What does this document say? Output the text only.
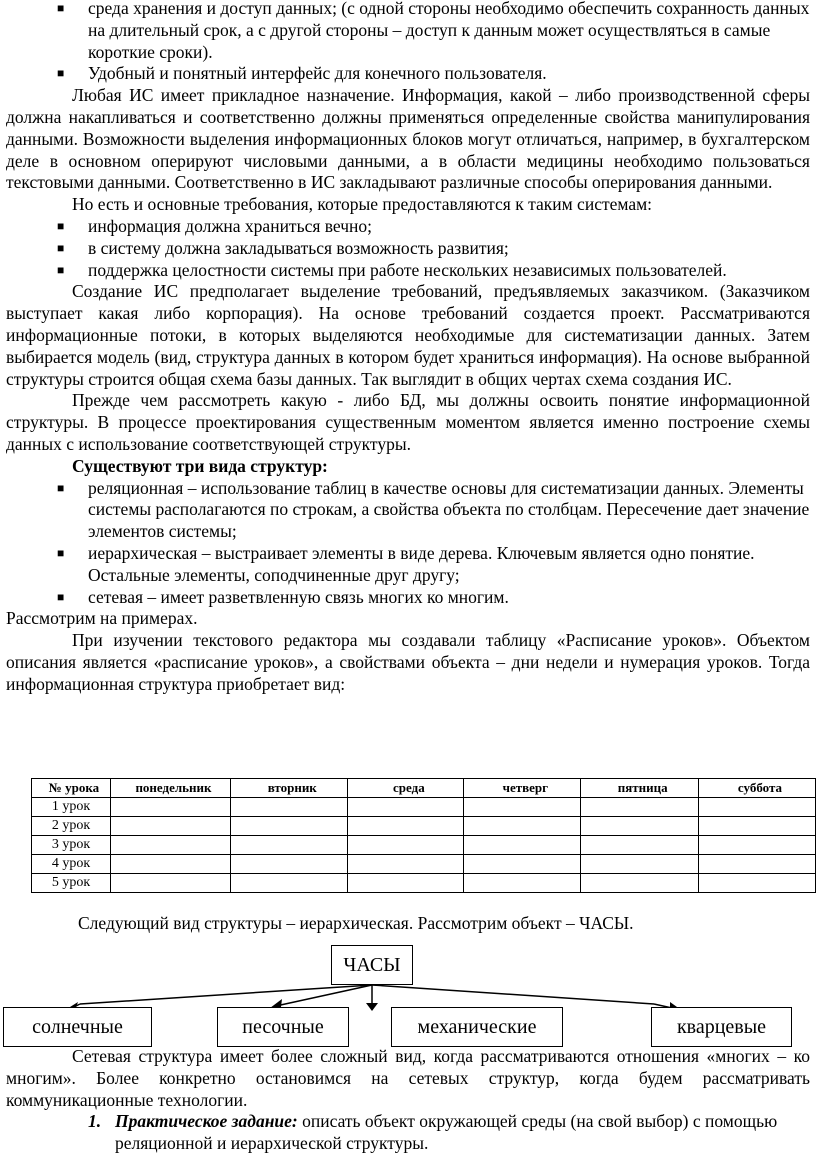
■ среда хранения и доступ данных; (с одной стороны необходимо обеспечить сохранность данных на длительный срок, а с другой стороны – доступ к данным может осуществляться в самые короткие сроки).
■ Удобный и понятный интерфейс для конечного пользователя.
Любая ИС имеет прикладное назначение. Информация, какой – либо производственной сферы должна накапливаться и соответственно должны применяться определенные свойства манипулирования данными. Возможности выделения информационных блоков могут отличаться, например, в бухгалтерском деле в основном оперируют числовыми данными, а в области медицины необходимо пользоваться текстовыми данными. Соответственно в ИС закладывают различные способы оперирования данными.
Но есть и основные требования, которые предоставляются к таким системам:
■ информация должна храниться вечно;
■ в систему должна закладываться возможность развития;
■ поддержка целостности системы при работе нескольких независимых пользователей.
Создание ИС предполагает выделение требований, предъявляемых заказчиком. (Заказчиком выступает какая либо корпорация). На основе требований создается проект. Рассматриваются информационные потоки, в которых выделяются необходимые для систематизации данных. Затем выбирается модель (вид, структура данных в котором будет храниться информация). На основе выбранной структуры строится общая схема базы данных. Так выглядит в общих чертах схема создания ИС.
Прежде чем рассмотреть какую - либо БД, мы должны освоить понятие информационной структуры. В процессе проектирования существенным моментом является именно построение схемы данных с использование соответствующей структуры.
Существуют три вида структур:
■ реляционная – использование таблиц в качестве основы для систематизации данных. Элементы системы располагаются по строкам, а свойства объекта по столбцам. Пересечение дает значение элементов системы;
■ иерархическая – выстраивает элементы в виде дерева. Ключевым является одно понятие. Остальные элементы, соподчиненные друг другу;
■ сетевая – имеет разветвленную связь многих ко многим.
Рассмотрим на примерах.
При изучении текстового редактора мы создавали таблицу «Расписание уроков». Объектом описания является «расписание уроков», а свойствами объекта – дни недели и нумерация уроков. Тогда информационная структура приобретает вид:
№ урока	понедельник	вторник	среда	четверг	пятница	суббота
1 урок						
2 урок						
3 урок						
4 урок						
5 урок						
Следующий вид структуры – иерархическая. Рассмотрим объект – ЧАСЫ.
ЧАСЫ
солнечные	песочные	механические	кварцевые
Сетевая структура имеет более сложный вид, когда рассматриваются отношения «многих – ко многим». Более конкретно остановимся на сетевых структур, когда будем рассматривать коммуникационные технологии.
1. Практическое задание: описать объект окружающей среды (на свой выбор) с помощью реляционной и иерархической структуры.
